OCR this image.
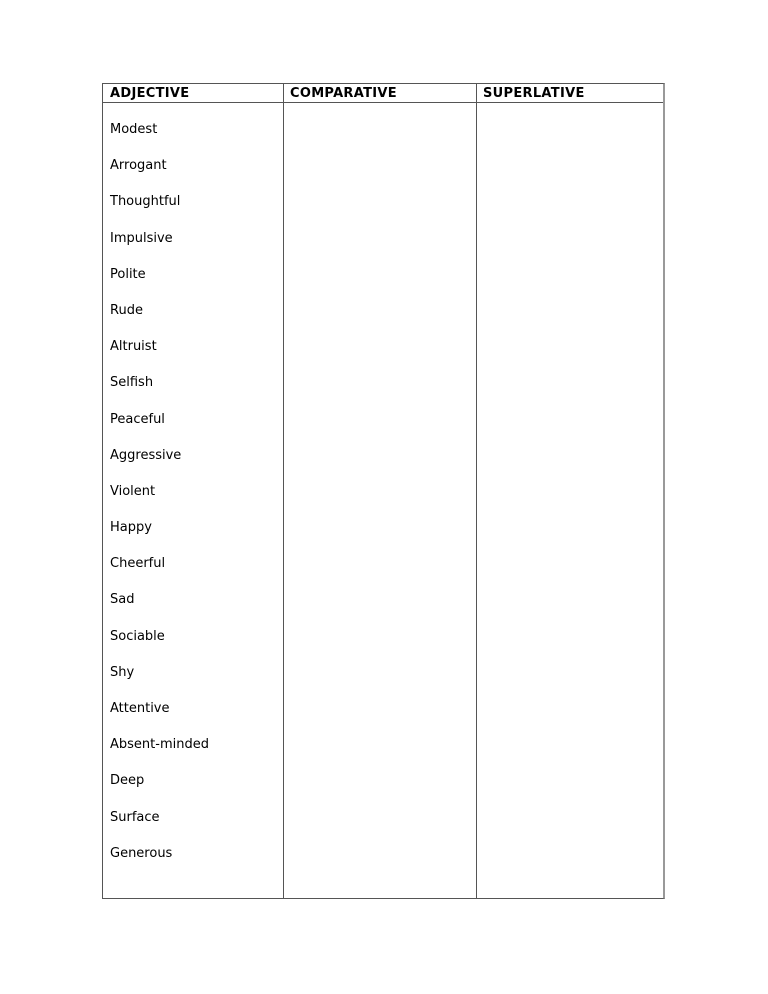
ADJECTIVE
Modest
Arrogant
Thoughtful
Impulsive
Polite
Rude
Altruist
Selfish
Peaceful
Aggressive
Violent
Happy
Cheerful
Sad
Sociable
Shy
Attentive
Absent-minded
Deep
Surface
Generous
COMPARATIVE	SUPERLATIVE
